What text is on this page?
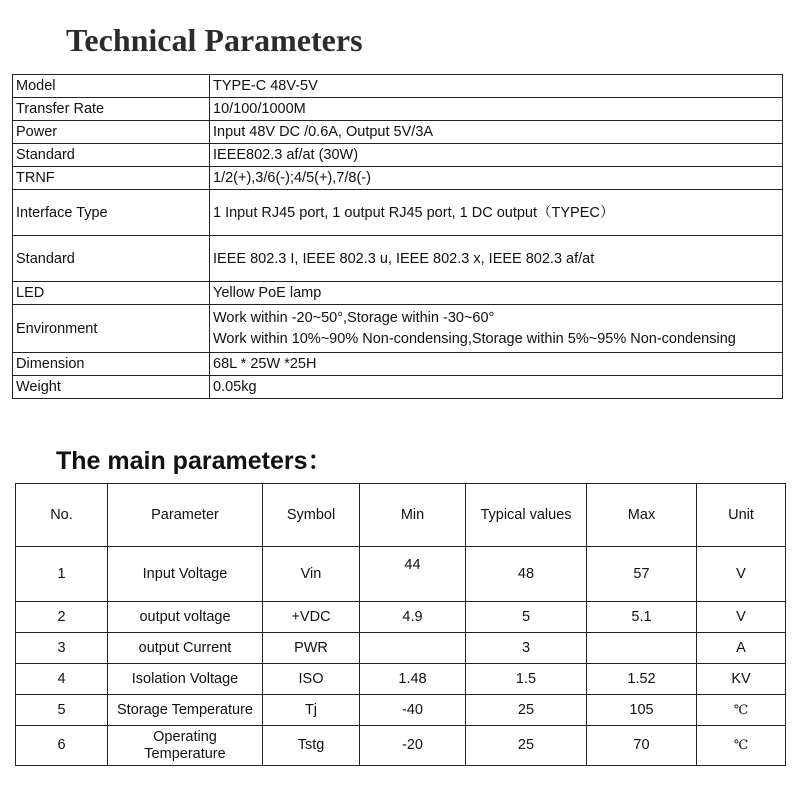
Technical Parameters
Model	TYPE-C 48V-5V
Transfer Rate	10/100/1000M
Power	Input 48V DC /0.6A, Output 5V/3A
Standard	IEEE802.3 af/at (30W)
TRNF	1/2(+),3/6(-);4/5(+),7/8(-)
Interface Type	1 Input RJ45 port, 1 output RJ45 port, 1 DC output（TYPEC）
Standard	IEEE 802.3 I, IEEE 802.3 u, IEEE 802.3 x, IEEE 802.3 af/at
LED	Yellow PoE lamp
Environment	Work within -20~50°,Storage within -30~60°
Work within 10%~90% Non-condensing,Storage within 5%~95% Non-condensing

Dimension	68L * 25W *25H
Weight	0.05kg
The main parameters：
No.	Parameter	Symbol	Min	Typical values	Max	Unit
1	Input Voltage	Vin	44	48	57	V
2	output voltage	+VDC	4.9	5	5.1	V
3	output Current	PWR		3		A
4	Isolation Voltage	ISO	1.48	1.5	1.52	KV
5	Storage Temperature	Tj	-40	25	105	℃
6	Operating Temperature	Tstg	-20	25	70	℃
